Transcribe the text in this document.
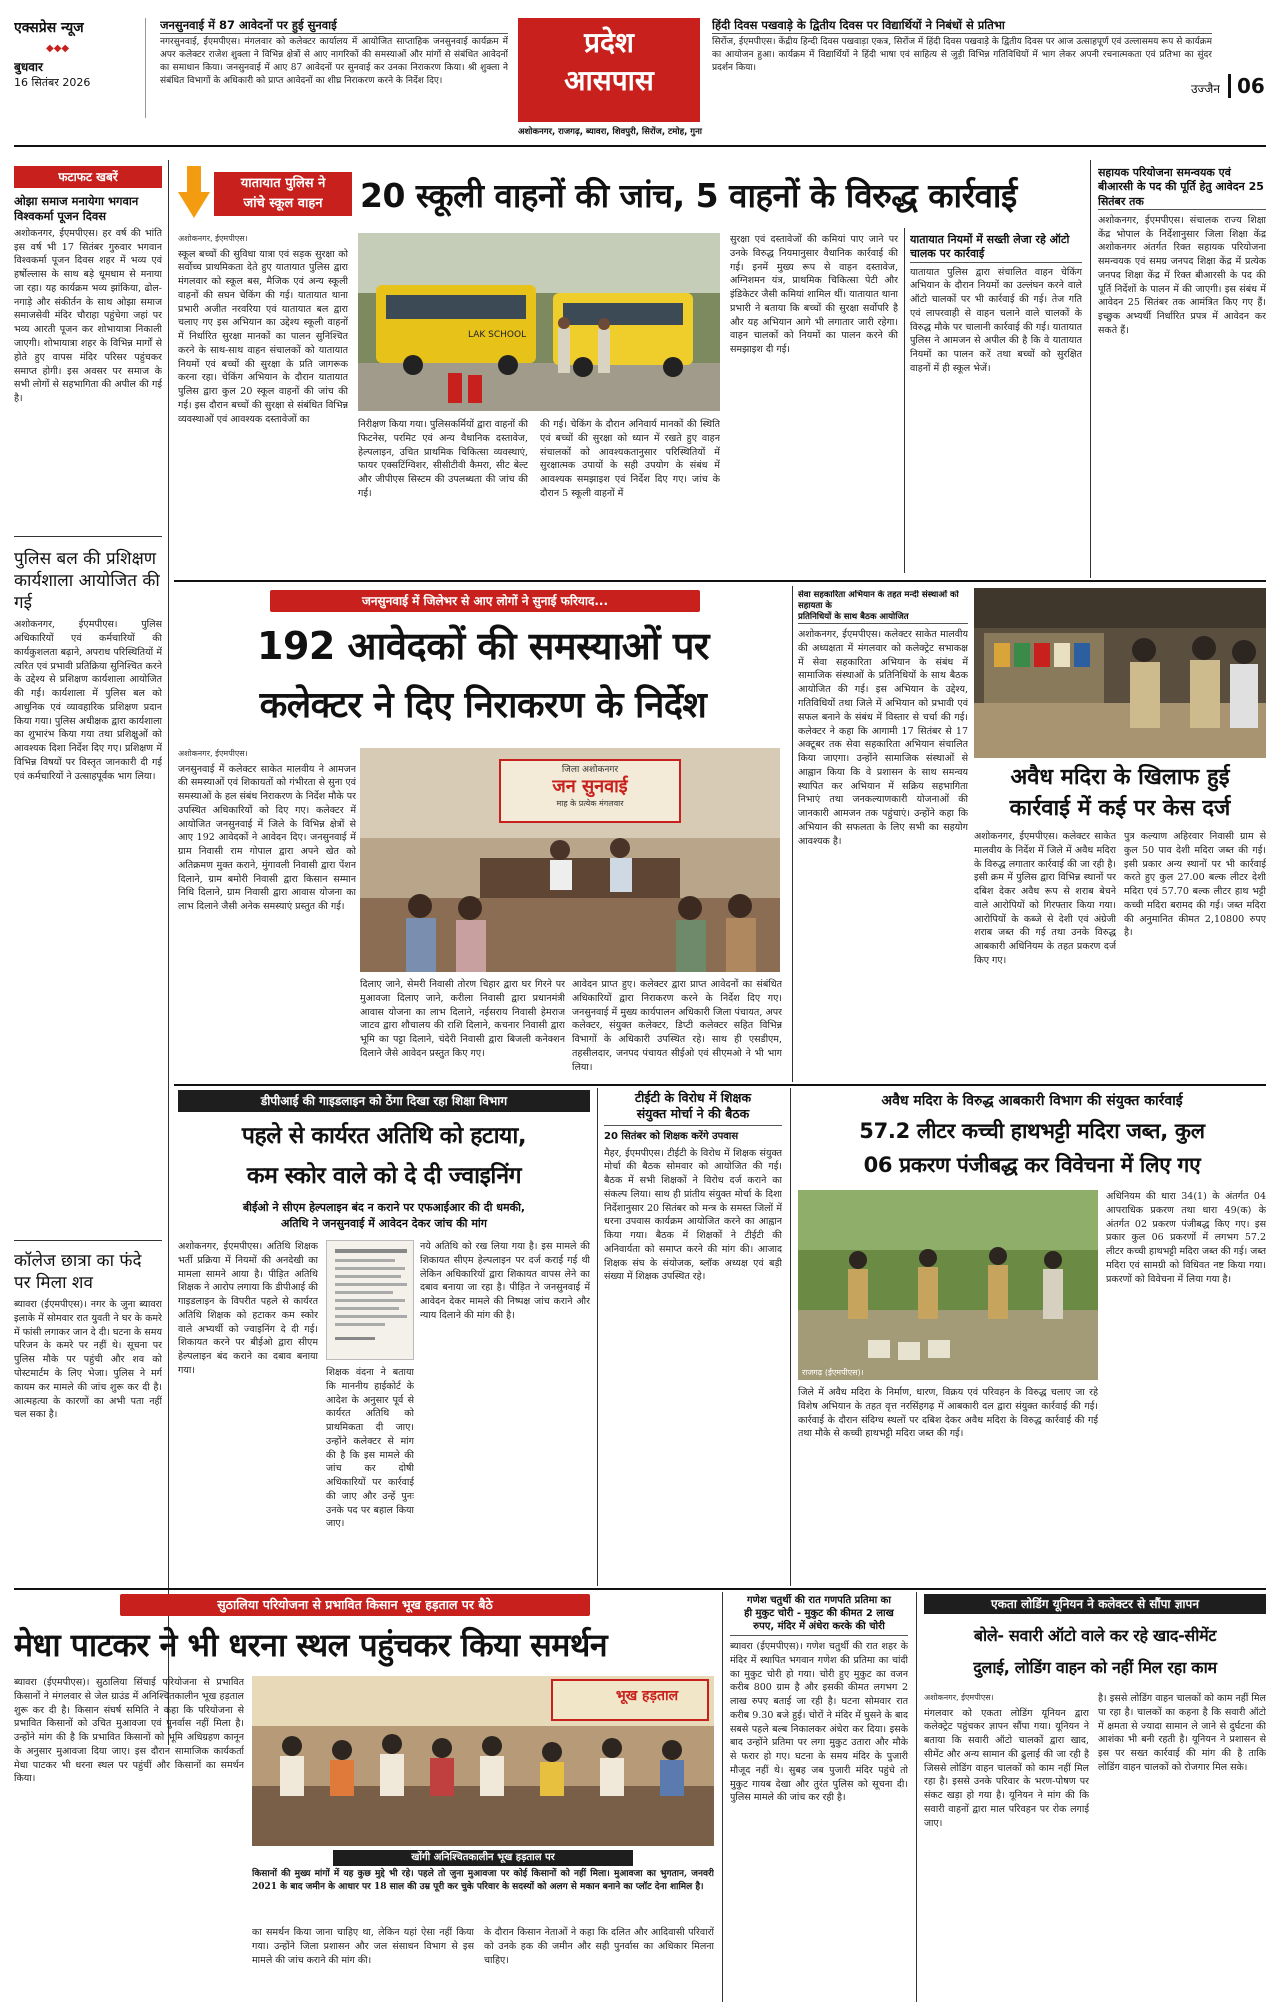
एक्सप्रेस न्यूज
◆◆◆
बुधवार
16 सितंबर 2026
जनसुनवाई में 87 आवेदनों पर हुई सुनवाई
नगरसुनवाई, ईएमपीएस। मंगलवार को कलेक्टर कार्यालय में आयोजित साप्ताहिक जनसुनवाई कार्यक्रम में अपर कलेक्टर राजेश शुक्ला ने विभिन्न क्षेत्रों से आए नागरिकों की समस्याओं और मांगों से संबंधित आवेदनों का समाधान किया। जनसुनवाई में आए 87 आवेदनों पर सुनवाई कर उनका निराकरण किया। श्री शुक्ला ने संबंधित विभागों के अधिकारी को प्राप्त आवेदनों का शीघ्र निराकरण करने के निर्देश दिए।
प्रदेश
आसपास
अशोकनगर, राजगढ़, ब्यावरा, शिवपुरी, सिरोंज, टमोह, गुना
हिंदी दिवस पखवाड़े के द्वितीय दिवस पर विद्यार्थियों ने निबंधों से प्रतिभा
सिरोंज, ईएमपीएस। केंद्रीय हिन्दी दिवस पखवाड़ा एकत्र, सिरोंज में हिंदी दिवस पखवाड़े के द्वितीय दिवस पर आज उत्साहपूर्ण एवं उल्लासमय रूप से कार्यक्रम का आयोजन हुआ। कार्यक्रम में विद्यार्थियों ने हिंदी भाषा एवं साहित्य से जुड़ी विभिन्न गतिविधियों में भाग लेकर अपनी रचनात्मकता एवं प्रतिभा का सुंदर प्रदर्शन किया।
उज्जैन 06
फटाफट खबरें
ओझा समाज मनायेगा भगवान विश्वकर्मा पूजन दिवस
अशोकनगर, ईएमपीएस। हर वर्ष की भांति इस वर्ष भी 17 सितंबर गुरुवार भगवान विश्वकर्मा पूजन दिवस शहर में भव्य एवं हर्षोल्लास के साथ बड़े धूमधाम से मनाया जा रहा। यह कार्यक्रम भव्य झांकिया, ढोल-नगाड़े और संकीर्तन के साथ ओझा समाज समाजसेवी मंदिर चौराहा पहुंचेगा जहां पर भव्य आरती पूजन कर शोभायात्रा निकाली जाएगी। शोभायात्रा शहर के विभिन्न मार्गों से होते हुए वापस मंदिर परिसर पहुंचकर समाप्त होगी। इस अवसर पर समाज के सभी लोगों से सहभागिता की अपील की गई है।
पुलिस बल की प्रशिक्षण कार्यशाला आयोजित की गई
अशोकनगर, ईएमपीएस। पुलिस अधिकारियों एवं कर्मचारियों की कार्यकुशलता बढ़ाने, अपराध परिस्थितियों में त्वरित एवं प्रभावी प्रतिक्रिया सुनिश्चित करने के उद्देश्य से प्रशिक्षण कार्यशाला आयोजित की गई। कार्यशाला में पुलिस बल को आधुनिक एवं व्यावहारिक प्रशिक्षण प्रदान किया गया। पुलिस अधीक्षक द्वारा कार्यशाला का शुभारंभ किया गया तथा प्रशिक्षुओं को आवश्यक दिशा निर्देश दिए गए। प्रशिक्षण में विभिन्न विषयों पर विस्तृत जानकारी दी गई एवं कर्मचारियों ने उत्साहपूर्वक भाग लिया।
कॉलेज छात्रा का फंदे पर मिला शव
ब्यावरा (ईएमपीएस)। नगर के जुना ब्यावरा इलाके में सोमवार रात युवती ने घर के कमरे में फांसी लगाकर जान दे दी। घटना के समय परिजन के कमरे पर नहीं थे। सूचना पर पुलिस मौके पर पहुंची और शव को पोस्टमार्टम के लिए भेजा। पुलिस ने मर्ग कायम कर मामले की जांच शुरू कर दी है। आत्महत्या के कारणों का अभी पता नहीं चल सका है।
यातायात पुलिस ने
जांचे स्कूल वाहन	20 स्कूली वाहनों की जांच, 5 वाहनों के विरुद्ध कार्रवाई
अशोकनगर, ईएमपीएस।
स्कूल बच्चों की सुविधा यात्रा एवं सड़क सुरक्षा को सर्वोच्च प्राथमिकता देते हुए यातायात पुलिस द्वारा मंगलवार को स्कूल बस, मैजिक एवं अन्य स्कूली वाहनों की सघन चेकिंग की गई। यातायात थाना प्रभारी अजीत नरवरिया एवं यातायात बल द्वारा चलाए गए इस अभियान का उद्देश्य स्कूली वाहनों में निर्धारित सुरक्षा मानकों का पालन सुनिश्चित करने के साथ-साथ वाहन संचालकों को यातायात नियमों एवं बच्चों की सुरक्षा के प्रति जागरूक करना रहा। चेकिंग अभियान के दौरान यातायात पुलिस द्वारा कुल 20 स्कूल वाहनों की जांच की गई। इस दौरान बच्चों की सुरक्षा से संबंधित विभिन्न व्यवस्थाओं एवं आवश्यक दस्तावेजों का
LAK SCHOOL
निरीक्षण किया गया। पुलिसकर्मियों द्वारा वाहनों की फिटनेस, परमिट एवं अन्य वैधानिक दस्तावेज, हेल्पलाइन, उचित प्राथमिक चिकित्सा व्यवस्थाएं, फायर एक्सटिंग्विशर, सीसीटीवी कैमरा, सीट बेल्ट और जीपीएस सिस्टम की उपलब्धता की जांच की गई।
की गई। चेकिंग के दौरान अनिवार्य मानकों की स्थिति एवं बच्चों की सुरक्षा को ध्यान में रखते हुए वाहन संचालकों को आवश्यकतानुसार परिस्थितियों में सुरक्षात्मक उपायों के सही उपयोग के संबंध में आवश्यक समझाइश एवं निर्देश दिए गए। जांच के दौरान 5 स्कूली वाहनों में
सुरक्षा एवं दस्तावेजों की कमियां पाए जाने पर उनके विरुद्ध नियमानुसार वैधानिक कार्रवाई की गई। इनमें मुख्य रूप से वाहन दस्तावेज, अग्निशमन यंत्र, प्राथमिक चिकित्सा पेटी और इंडिकेटर जैसी कमियां शामिल थीं। यातायात थाना प्रभारी ने बताया कि बच्चों की सुरक्षा सर्वोपरि है और यह अभियान आगे भी लगातार जारी रहेगा। वाहन चालकों को नियमों का पालन करने की समझाइश दी गई।
यातायात नियमों में सख्ती लेजा रहे ऑटो चालक पर कार्रवाई
यातायात पुलिस द्वारा संचालित वाहन चेकिंग अभियान के दौरान नियमों का उल्लंघन करने वाले ऑटो चालकों पर भी कार्रवाई की गई। तेज गति एवं लापरवाही से वाहन चलाने वाले चालकों के विरुद्ध मौके पर चालानी कार्रवाई की गई। यातायात पुलिस ने आमजन से अपील की है कि वे यातायात नियमों का पालन करें तथा बच्चों को सुरक्षित वाहनों में ही स्कूल भेजें।
सहायक परियोजना समन्वयक एवं बीआरसी के पद की पूर्ति हेतु आवेदन 25 सितंबर तक
अशोकनगर, ईएमपीएस। संचालक राज्य शिक्षा केंद्र भोपाल के निर्देशानुसार जिला शिक्षा केंद्र अशोकनगर अंतर्गत रिक्त सहायक परियोजना समन्वयक एवं समग्र जनपद शिक्षा केंद्र में प्रत्येक जनपद शिक्षा केंद्र में रिक्त बीआरसी के पद की पूर्ति निर्देशों के पालन में की जाएगी। इस संबंध में आवेदन 25 सितंबर तक आमंत्रित किए गए हैं। इच्छुक अभ्यर्थी निर्धारित प्रपत्र में आवेदन कर सकते हैं।
जनसुनवाई में जिलेभर से आए लोगों ने सुनाई फरियाद...
192 आवेदकों की समस्याओं पर
कलेक्टर ने दिए निराकरण के निर्देश
अशोकनगर, ईएमपीएस।
जनसुनवाई में कलेक्टर साकेत मालवीय ने आमजन की समस्याओं एवं शिकायतों को गंभीरता से सुना एवं समस्याओं के हल संबंध निराकरण के निर्देश मौके पर उपस्थित अधिकारियों को दिए गए। कलेक्टर में आयोजित जनसुनवाई में जिले के विभिन्न क्षेत्रों से आए 192 आवेदकों ने आवेदन दिए। जनसुनवाई में ग्राम निवासी राम गोपाल द्वारा अपने खेत को अतिक्रमण मुक्त कराने, मुंगावली निवासी द्वारा पेंशन दिलाने, ग्राम बमोरी निवासी द्वारा किसान सम्मान निधि दिलाने, ग्राम निवासी द्वारा आवास योजना का लाभ दिलाने जैसी अनेक समस्याएं प्रस्तुत की गई।
जिला अशोकनगर
जन सुनवाई
माह के प्रत्येक मंगलवार
दिलाए जाने, सेमरी निवासी तोरण चिहार द्वारा घर गिरने पर मुआवजा दिलाए जाने, करीला निवासी द्वारा प्रधानमंत्री आवास योजना का लाभ दिलाने, नईसराय निवासी हेमराज जाटव द्वारा शौचालय की राशि दिलाने, कचनार निवासी द्वारा भूमि का पट्टा दिलाने, चंदेरी निवासी द्वारा बिजली कनेक्शन दिलाने जैसे आवेदन प्रस्तुत किए गए।
आवेदन प्राप्त हुए। कलेक्टर द्वारा प्राप्त आवेदनों का संबंधित अधिकारियों द्वारा निराकरण करने के निर्देश दिए गए। जनसुनवाई में मुख्य कार्यपालन अधिकारी जिला पंचायत, अपर कलेक्टर, संयुक्त कलेक्टर, डिप्टी कलेक्टर सहित विभिन्न विभागों के अधिकारी उपस्थित रहे। साथ ही एसडीएम, तहसीलदार, जनपद पंचायत सीईओ एवं सीएमओ ने भी भाग लिया।
सेवा सहकारिता अभियान के तहत मन्दी संस्थाओं को सहायता के
प्रतिनिधियों के साथ बैठक आयोजित
अशोकनगर, ईएमपीएस। कलेक्टर साकेत मालवीय की अध्यक्षता में मंगलवार को कलेक्ट्रेट सभाकक्ष में सेवा सहकारिता अभियान के संबंध में सामाजिक संस्थाओं के प्रतिनिधियों के साथ बैठक आयोजित की गई। इस अभियान के उद्देश्य, गतिविधियों तथा जिले में अभियान को प्रभावी एवं सफल बनाने के संबंध में विस्तार से चर्चा की गई। कलेक्टर ने कहा कि आगामी 17 सितंबर से 17 अक्टूबर तक सेवा सहकारिता अभियान संचालित किया जाएगा। उन्होंने सामाजिक संस्थाओं से आह्वान किया कि वे प्रशासन के साथ समन्वय स्थापित कर अभियान में सक्रिय सहभागिता निभाएं तथा जनकल्याणकारी योजनाओं की जानकारी आमजन तक पहुंचाएं। उन्होंने कहा कि अभियान की सफलता के लिए सभी का सहयोग आवश्यक है।
अवैध मदिरा के खिलाफ हुई
कार्रवाई में कई पर केस दर्ज
अशोकनगर, ईएमपीएस। कलेक्टर साकेत मालवीय के निर्देश में जिले में अवैध मदिरा के विरुद्ध लगातार कार्रवाई की जा रही है। इसी क्रम में पुलिस द्वारा विभिन्न स्थानों पर दबिश देकर अवैध रूप से शराब बेचने वाले आरोपियों को गिरफ्तार किया गया। आरोपियों के कब्जे से देशी एवं अंग्रेजी शराब जब्त की गई तथा उनके विरुद्ध आबकारी अधिनियम के तहत प्रकरण दर्ज किए गए।
पुत्र कल्याण अहिरवार निवासी ग्राम से कुल 50 पाव देशी मदिरा जब्त की गई। इसी प्रकार अन्य स्थानों पर भी कार्रवाई करते हुए कुल 27.00 बल्क लीटर देशी मदिरा एवं 57.70 बल्क लीटर हाथ भट्टी कच्ची मदिरा बरामद की गई। जब्त मदिरा की अनुमानित कीमत 2,10800 रुपए है।
डीपीआई की गाइडलाइन को ठेंगा दिखा रहा शिक्षा विभाग
पहले से कार्यरत अतिथि को हटाया,
कम स्कोर वाले को दे दी ज्वाइनिंग
बीईओ ने सीएम हेल्पलाइन बंद न कराने पर एफआईआर की दी धमकी,
अतिथि ने जनसुनवाई में आवेदन देकर जांच की मांग
अशोकनगर, ईएमपीएस। अतिथि शिक्षक भर्ती प्रक्रिया में नियमों की अनदेखी का मामला सामने आया है। पीड़ित अतिथि शिक्षक ने आरोप लगाया कि डीपीआई की गाइडलाइन के विपरीत पहले से कार्यरत अतिथि शिक्षक को हटाकर कम स्कोर वाले अभ्यर्थी को ज्वाइनिंग दे दी गई। शिकायत करने पर बीईओ द्वारा सीएम हेल्पलाइन बंद कराने का दबाव बनाया गया।
नये अतिथि को रख लिया गया है। इस मामले की शिकायत सीएम हेल्पलाइन पर दर्ज कराई गई थी लेकिन अधिकारियों द्वारा शिकायत वापस लेने का दबाव बनाया जा रहा है। पीड़ित ने जनसुनवाई में आवेदन देकर मामले की निष्पक्ष जांच कराने और न्याय दिलाने की मांग की है।
शिक्षक वंदना ने बताया कि माननीय हाईकोर्ट के आदेश के अनुसार पूर्व से कार्यरत अतिथि को प्राथमिकता दी जाए। उन्होंने कलेक्टर से मांग की है कि इस मामले की जांच कर दोषी अधिकारियों पर कार्रवाई की जाए और उन्हें पुनः उनके पद पर बहाल किया जाए।
टीईटी के विरोध में शिक्षक
संयुक्त मोर्चा ने की बैठक
20 सितंबर को शिक्षक करेंगे उपवास
मैहर, ईएमपीएस। टीईटी के विरोध में शिक्षक संयुक्त मोर्चा की बैठक सोमवार को आयोजित की गई। बैठक में सभी शिक्षकों ने विरोध दर्ज कराने का संकल्प लिया। साथ ही प्रांतीय संयुक्त मोर्चा के दिशा निर्देशानुसार 20 सितंबर को मन्त्र के समस्त जिलों में धरना उपवास कार्यक्रम आयोजित करने का आह्वान किया गया। बैठक में शिक्षकों ने टीईटी की अनिवार्यता को समाप्त करने की मांग की। आजाद शिक्षक संघ के संयोजक, ब्लॉक अध्यक्ष एवं बड़ी संख्या में शिक्षक उपस्थित रहे।
अवैध मदिरा के विरुद्ध आबकारी विभाग की संयुक्त कार्रवाई
57.2 लीटर कच्ची हाथभट्टी मदिरा जब्त, कुल
06 प्रकरण पंजीबद्ध कर विवेचना में लिए गए
राजगढ़ (ईएमपीएस)।
जिले में अवैध मदिरा के निर्माण, धारण, विक्रय एवं परिवहन के विरुद्ध चलाए जा रहे विशेष अभियान के तहत वृत्त नरसिंहगढ़ में आबकारी दल द्वारा संयुक्त कार्रवाई की गई। कार्रवाई के दौरान संदिग्ध स्थलों पर दबिश देकर अवैध मदिरा के विरुद्ध कार्रवाई की गई तथा मौके से कच्ची हाथभट्टी मदिरा जब्त की गई।
अधिनियम की धारा 34(1) के अंतर्गत 04 आपराधिक प्रकरण तथा धारा 49(क) के अंतर्गत 02 प्रकरण पंजीबद्ध किए गए। इस प्रकार कुल 06 प्रकरणों में लगभग 57.2 लीटर कच्ची हाथभट्टी मदिरा जब्त की गई। जब्त मदिरा एवं सामग्री को विधिवत नष्ट किया गया। प्रकरणों को विवेचना में लिया गया है।
सुठालिया परियोजना से प्रभावित किसान भूख हड़ताल पर बैठे
मेधा पाटकर ने भी धरना स्थल पहुंचकर किया समर्थन
ब्यावरा (ईएमपीएस)। सुठालिया सिंचाई परियोजना से प्रभावित किसानों ने मंगलवार से जेल ग्राउंड में अनिश्चितकालीन भूख हड़ताल शुरू कर दी है। किसान संघर्ष समिति ने कहा कि परियोजना से प्रभावित किसानों को उचित मुआवजा एवं पुनर्वास नहीं मिला है। उन्होंने मांग की है कि प्रभावित किसानों को भूमि अधिग्रहण कानून के अनुसार मुआवजा दिया जाए। इस दौरान सामाजिक कार्यकर्ता मेधा पाटकर भी धरना स्थल पर पहुंचीं और किसानों का समर्थन किया।
भूख हड़ताल
खोंगी अनिश्चितकालीन भूख हड़ताल पर
किसानों की मुख्य मांगों में यह कुछ मुद्दे भी रहे। पहले तो जुना मुआवजा पर कोई किसानों को नहीं मिला। मुआवजा का भुगतान, जनवरी 2021 के बाद जमीन के आधार पर 18 साल की उम्र पूरी कर चुके परिवार के सदस्यों को अलग से मकान बनाने का प्लॉट देना शामिल है।
का समर्थन किया जाना चाहिए था, लेकिन यहां ऐसा नहीं किया गया। उन्होंने जिला प्रशासन और जल संसाधन विभाग से इस मामले की जांच कराने की मांग की।
के दौरान किसान नेताओं ने कहा कि दलित और आदिवासी परिवारों को उनके हक की जमीन और सही पुनर्वास का अधिकार मिलना चाहिए।
गणेश चतुर्थी की रात गणपति प्रतिमा का
ही मुकुट चोरी - मुकुट की कीमत 2 लाख
रुपए, मंदिर में अंधेरा करके की चोरी
ब्यावरा (ईएमपीएस)। गणेश चतुर्थी की रात शहर के मंदिर में स्थापित भगवान गणेश की प्रतिमा का चांदी का मुकुट चोरी हो गया। चोरी हुए मुकुट का वजन करीब 800 ग्राम है और इसकी कीमत लगभग 2 लाख रुपए बताई जा रही है। घटना सोमवार रात करीब 9.30 बजे हुई। चोरों ने मंदिर में घुसने के बाद सबसे पहले बल्ब निकालकर अंधेरा कर दिया। इसके बाद उन्होंने प्रतिमा पर लगा मुकुट उतारा और मौके से फरार हो गए। घटना के समय मंदिर के पुजारी मौजूद नहीं थे। सुबह जब पुजारी मंदिर पहुंचे तो मुकुट गायब देखा और तुरंत पुलिस को सूचना दी। पुलिस मामले की जांच कर रही है।
एकता लोडिंग यूनियन ने कलेक्टर से सौंपा ज्ञापन
बोले- सवारी ऑटो वाले कर रहे खाद-सीमेंट
दुलाई, लोडिंग वाहन को नहीं मिल रहा काम
अशोकनगर, ईएमपीएस।
मंगलवार को एकता लोडिंग यूनियन द्वारा कलेक्ट्रेट पहुंचकर ज्ञापन सौंपा गया। यूनियन ने बताया कि सवारी ऑटो चालकों द्वारा खाद, सीमेंट और अन्य सामान की ढुलाई की जा रही है जिससे लोडिंग वाहन चालकों को काम नहीं मिल रहा है। इससे उनके परिवार के भरण-पोषण पर संकट खड़ा हो गया है। यूनियन ने मांग की कि सवारी वाहनों द्वारा माल परिवहन पर रोक लगाई जाए।
है। इससे लोडिंग वाहन चालकों को काम नहीं मिल पा रहा है। चालकों का कहना है कि सवारी ऑटो में क्षमता से ज्यादा सामान ले जाने से दुर्घटना की आशंका भी बनी रहती है। यूनियन ने प्रशासन से इस पर सख्त कार्रवाई की मांग की है ताकि लोडिंग वाहन चालकों को रोजगार मिल सके।
